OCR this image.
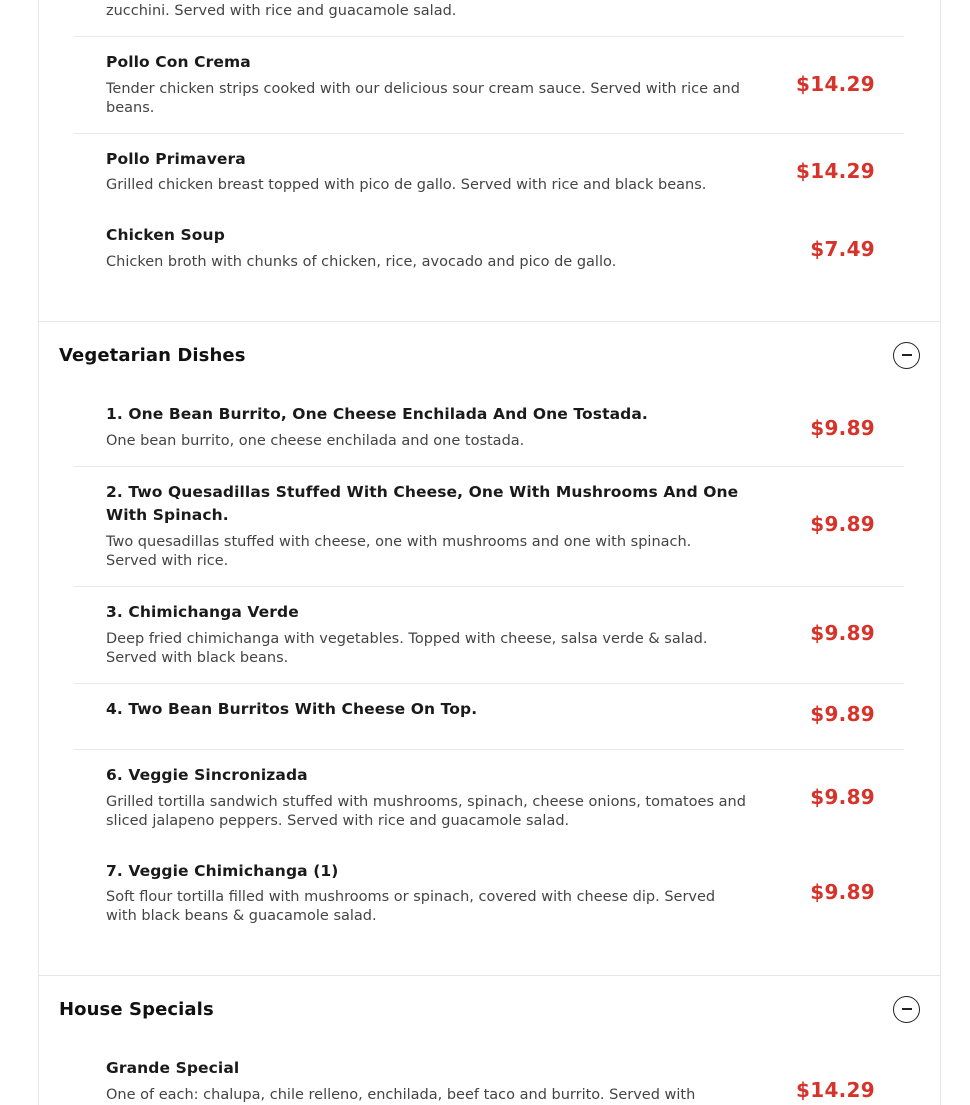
zucchini. Served with rice and guacamole salad.
Pollo Con Crema
Tender chicken strips cooked with our delicious sour cream sauce. Served with rice and beans.
$14.29
Pollo Primavera
Grilled chicken breast topped with pico de gallo. Served with rice and black beans.
$14.29
Chicken Soup
Chicken broth with chunks of chicken, rice, avocado and pico de gallo.
$7.49
Vegetarian Dishes
1. One Bean Burrito, One Cheese Enchilada And One Tostada.
One bean burrito, one cheese enchilada and one tostada.
$9.89
2. Two Quesadillas Stuffed With Cheese, One With Mushrooms And One With Spinach.
Two quesadillas stuffed with cheese, one with mushrooms and one with spinach. Served with rice.
$9.89
3. Chimichanga Verde
Deep fried chimichanga with vegetables. Topped with cheese, salsa verde & salad. Served with black beans.
$9.89
4. Two Bean Burritos With Cheese On Top.	$9.89
6. Veggie Sincronizada
Grilled tortilla sandwich stuffed with mushrooms, spinach, cheese onions, tomatoes and sliced jalapeno peppers. Served with rice and guacamole salad.
$9.89
7. Veggie Chimichanga (1)
Soft flour tortilla filled with mushrooms or spinach, covered with cheese dip. Served with black beans & guacamole salad.
$9.89
House Specials
Grande Special
One of each: chalupa, chile relleno, enchilada, beef taco and burrito. Served with	$14.29
